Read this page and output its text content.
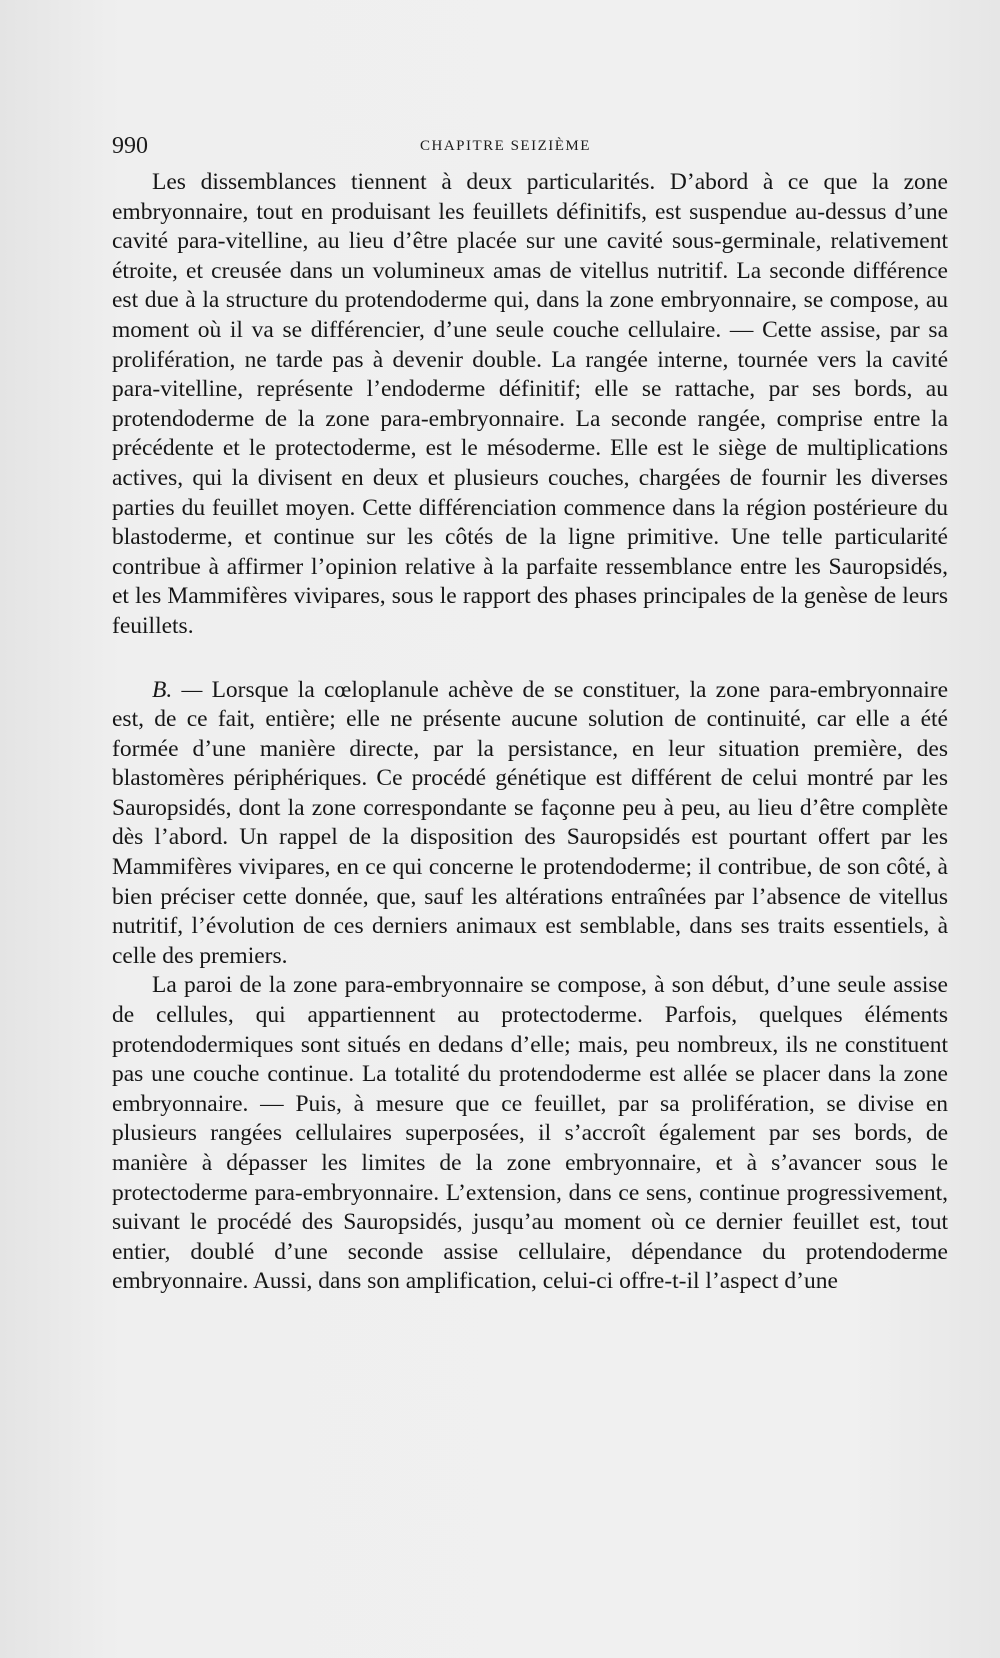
990	CHAPITRE SEIZIÈME

Les dissemblances tiennent à deux particularités. D’abord à ce que la zone embryonnaire, tout en produisant les feuillets définitifs, est suspendue au-dessus d’une cavité para-vitelline, au lieu d’être placée sur une cavité sous-germinale, relativement étroite, et creusée dans un volumineux amas de vitellus nutritif. La seconde différence est due à la structure du protendoderme qui, dans la zone embryonnaire, se compose, au moment où il va se différencier, d’une seule couche cellulaire. — Cette assise, par sa prolifération, ne tarde pas à devenir double. La rangée interne, tournée vers la cavité para-vitelline, représente l’endoderme définitif; elle se rattache, par ses bords, au protendoderme de la zone para-embryonnaire. La seconde rangée, comprise entre la précédente et le protectoderme, est le mésoderme. Elle est le siège de multiplications actives, qui la divisent en deux et plusieurs couches, chargées de fournir les diverses parties du feuillet moyen. Cette différenciation commence dans la région postérieure du blastoderme, et continue sur les côtés de la ligne primitive. Une telle particularité contribue à affirmer l’opinion relative à la parfaite ressemblance entre les Sauropsidés, et les Mammifères vivipares, sous le rapport des phases principales de la genèse de leurs feuillets.

B. — Lorsque la cœloplanule achève de se constituer, la zone para-embryonnaire est, de ce fait, entière; elle ne présente aucune solution de continuité, car elle a été formée d’une manière directe, par la persistance, en leur situation première, des blastomères périphériques. Ce procédé génétique est différent de celui montré par les Sauropsidés, dont la zone correspondante se façonne peu à peu, au lieu d’être complète dès l’abord. Un rappel de la disposition des Sauropsidés est pourtant offert par les Mammifères vivipares, en ce qui concerne le protendoderme; il contribue, de son côté, à bien préciser cette donnée, que, sauf les altérations entraînées par l’absence de vitellus nutritif, l’évolution de ces derniers animaux est semblable, dans ses traits essentiels, à celle des premiers.

La paroi de la zone para-embryonnaire se compose, à son début, d’une seule assise de cellules, qui appartiennent au protectoderme. Parfois, quelques éléments protendodermiques sont situés en dedans d’elle; mais, peu nombreux, ils ne constituent pas une couche continue. La totalité du protendoderme est allée se placer dans la zone embryonnaire. — Puis, à mesure que ce feuillet, par sa prolifération, se divise en plusieurs rangées cellulaires superposées, il s’accroît également par ses bords, de manière à dépasser les limites de la zone embryonnaire, et à s’avancer sous le protectoderme para-embryonnaire. L’extension, dans ce sens, continue progressivement, suivant le procédé des Sauropsidés, jusqu’au moment où ce dernier feuillet est, tout entier, doublé d’une seconde assise cellulaire, dépendance du protendoderme embryonnaire. Aussi, dans son amplification, celui-ci offre-t-il l’aspect d’une
